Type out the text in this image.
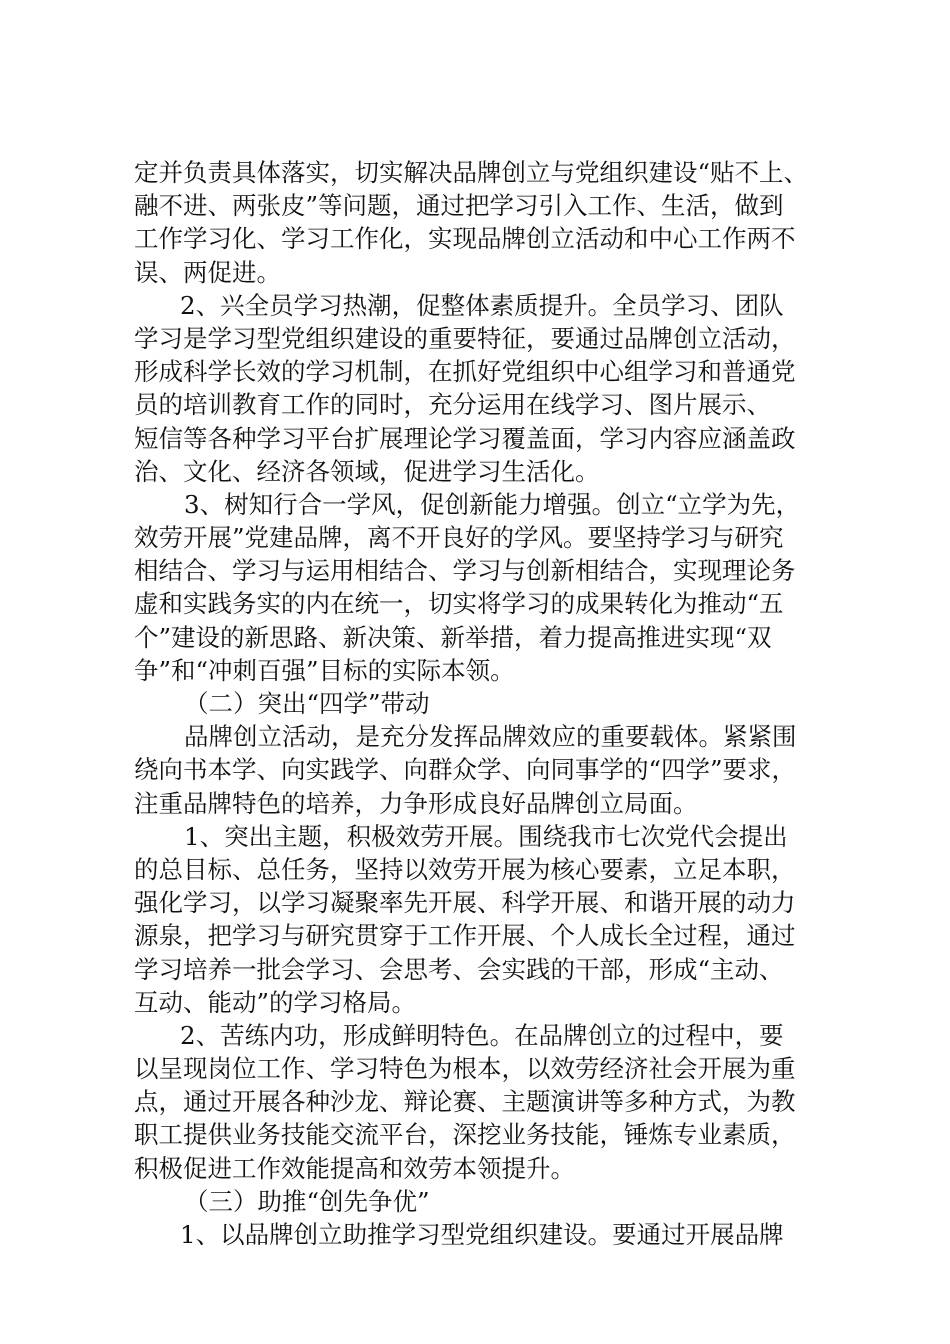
定并负责具体落实，切实解决品牌创立与党组织建设“贴不上、
融不进、两张皮”等问题，通过把学习引入工作、生活，做到
工作学习化、学习工作化，实现品牌创立活动和中心工作两不
误、两促进。
2、兴全员学习热潮，促整体素质提升。全员学习、团队
学习是学习型党组织建设的重要特征，要通过品牌创立活动，
形成科学长效的学习机制，在抓好党组织中心组学习和普通党
员的培训教育工作的同时，充分运用在线学习、图片展示、
短信等各种学习平台扩展理论学习覆盖面，学习内容应涵盖政
治、文化、经济各领域，促进学习生活化。
3、树知行合一学风，促创新能力增强。创立“立学为先，
效劳开展”党建品牌，离不开良好的学风。要坚持学习与研究
相结合、学习与运用相结合、学习与创新相结合，实现理论务
虚和实践务实的内在统一，切实将学习的成果转化为推动“五
个”建设的新思路、新决策、新举措，着力提高推进实现“双
争”和“冲刺百强”目标的实际本领。
（二）突出“四学”带动
品牌创立活动，是充分发挥品牌效应的重要载体。紧紧围
绕向书本学、向实践学、向群众学、向同事学的“四学”要求，
注重品牌特色的培养，力争形成良好品牌创立局面。
1、突出主题，积极效劳开展。围绕我市七次党代会提出
的总目标、总任务，坚持以效劳开展为核心要素，立足本职，
强化学习，以学习凝聚率先开展、科学开展、和谐开展的动力
源泉，把学习与研究贯穿于工作开展、个人成长全过程，通过
学习培养一批会学习、会思考、会实践的干部，形成“主动、
互动、能动”的学习格局。
2、苦练内功，形成鲜明特色。在品牌创立的过程中，要
以呈现岗位工作、学习特色为根本，以效劳经济社会开展为重
点，通过开展各种沙龙、辩论赛、主题演讲等多种方式，为教
职工提供业务技能交流平台，深挖业务技能，锤炼专业素质，
积极促进工作效能提高和效劳本领提升。
（三）助推“创先争优”
1、以品牌创立助推学习型党组织建设。要通过开展品牌
